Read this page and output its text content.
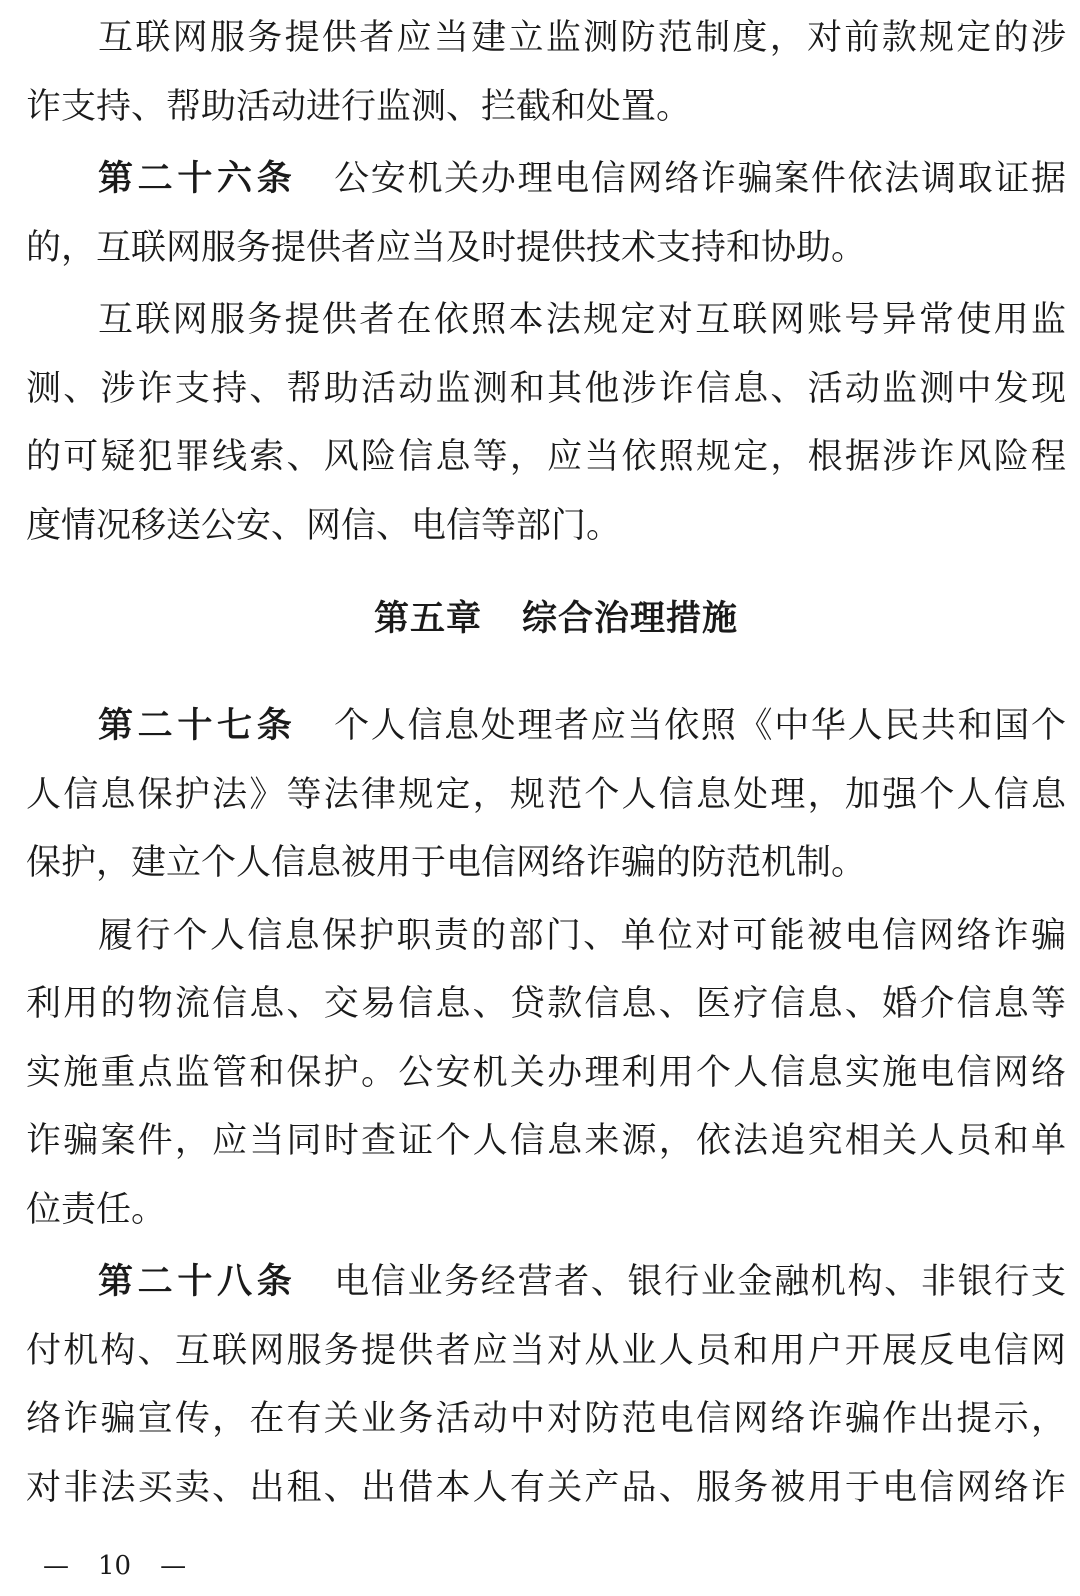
互联网服务提供者应当建立监测防范制度，对前款规定的涉
诈支持、帮助活动进行监测、拦截和处置。
第二十六条 公安机关办理电信网络诈骗案件依法调取证据
的，互联网服务提供者应当及时提供技术支持和协助。
互联网服务提供者在依照本法规定对互联网账号异常使用监
测、涉诈支持、帮助活动监测和其他涉诈信息、活动监测中发现
的可疑犯罪线索、风险信息等，应当依照规定，根据涉诈风险程
度情况移送公安、网信、电信等部门。
第五章 综合治理措施
第二十七条 个人信息处理者应当依照《中华人民共和国个
人信息保护法》等法律规定，规范个人信息处理，加强个人信息
保护，建立个人信息被用于电信网络诈骗的防范机制。
履行个人信息保护职责的部门、单位对可能被电信网络诈骗
利用的物流信息、交易信息、贷款信息、医疗信息、婚介信息等
实施重点监管和保护。公安机关办理利用个人信息实施电信网络
诈骗案件，应当同时查证个人信息来源，依法追究相关人员和单
位责任。
第二十八条 电信业务经营者、银行业金融机构、非银行支
付机构、互联网服务提供者应当对从业人员和用户开展反电信网
络诈骗宣传，在有关业务活动中对防范电信网络诈骗作出提示，
对非法买卖、出租、出借本人有关产品、服务被用于电信网络诈
— 10 —
